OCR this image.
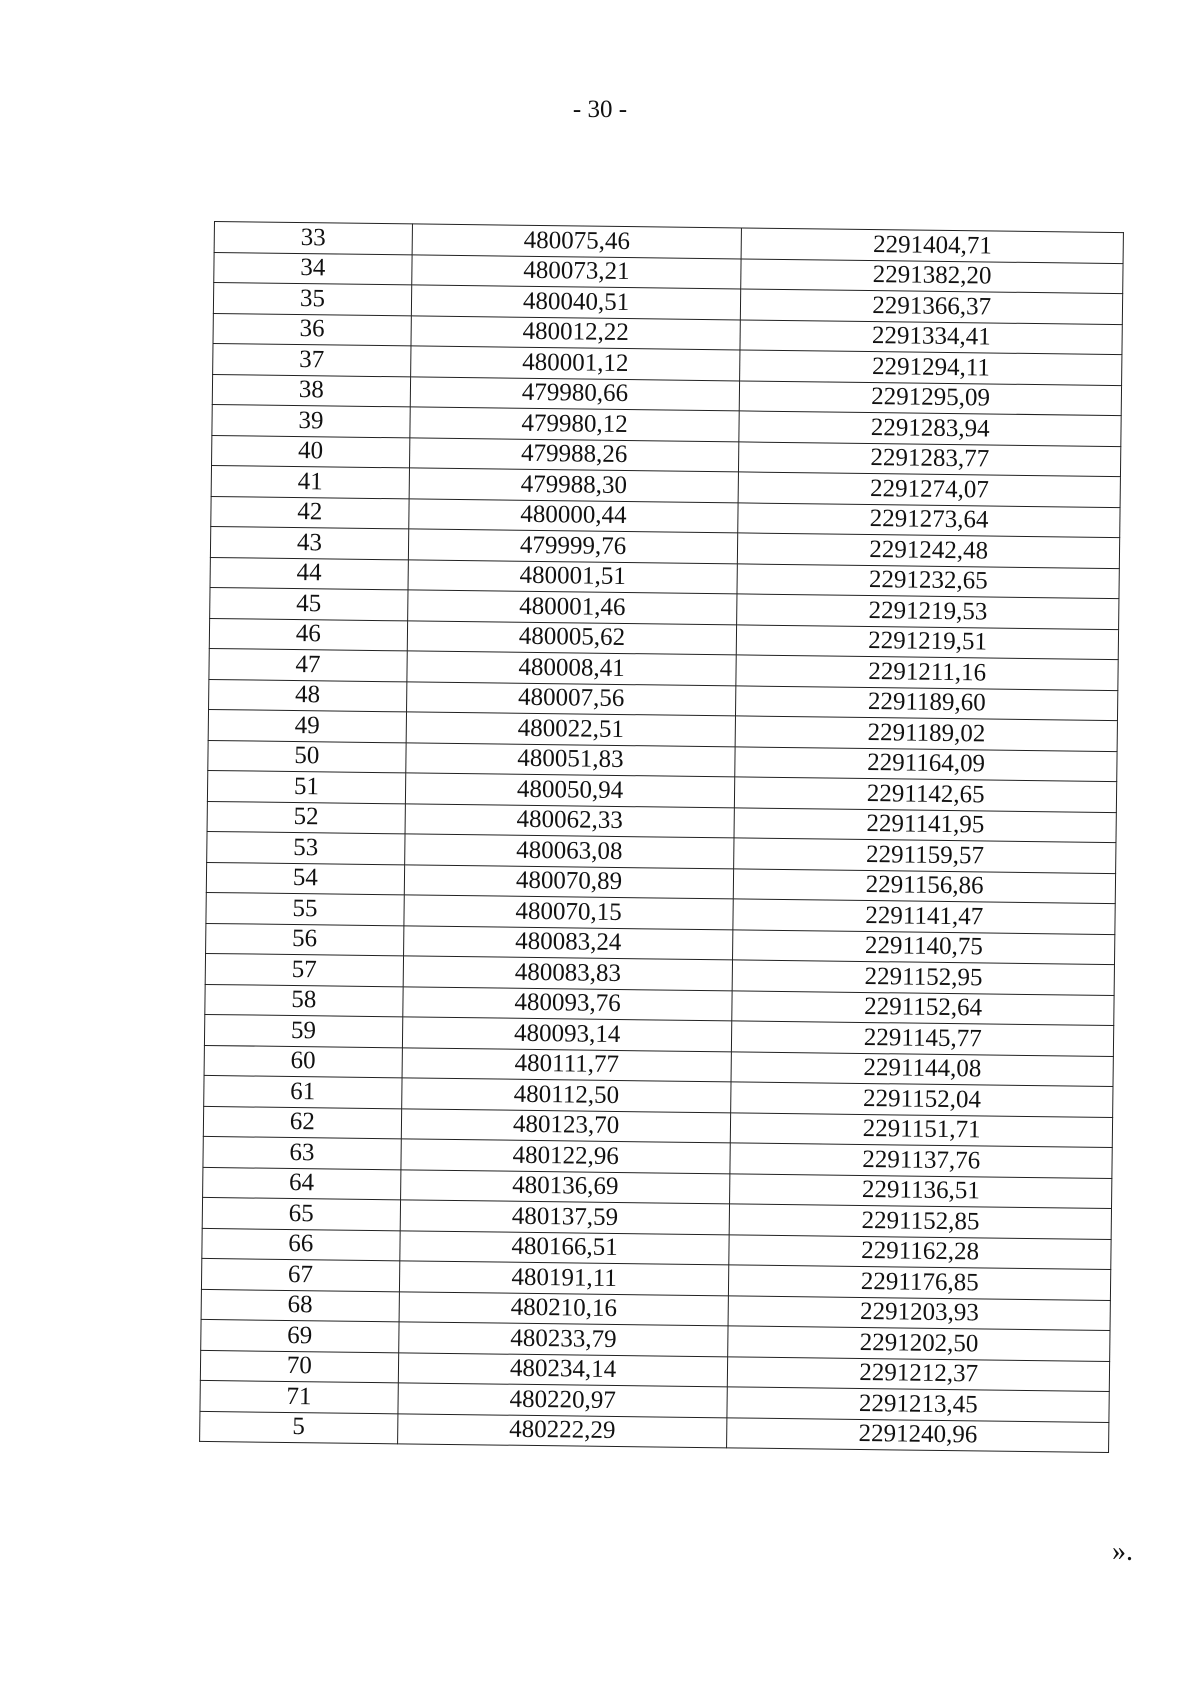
- 30 -
33	480075,46	2291404,71
34	480073,21	2291382,20
35	480040,51	2291366,37
36	480012,22	2291334,41
37	480001,12	2291294,11
38	479980,66	2291295,09
39	479980,12	2291283,94
40	479988,26	2291283,77
41	479988,30	2291274,07
42	480000,44	2291273,64
43	479999,76	2291242,48
44	480001,51	2291232,65
45	480001,46	2291219,53
46	480005,62	2291219,51
47	480008,41	2291211,16
48	480007,56	2291189,60
49	480022,51	2291189,02
50	480051,83	2291164,09
51	480050,94	2291142,65
52	480062,33	2291141,95
53	480063,08	2291159,57
54	480070,89	2291156,86
55	480070,15	2291141,47
56	480083,24	2291140,75
57	480083,83	2291152,95
58	480093,76	2291152,64
59	480093,14	2291145,77
60	480111,77	2291144,08
61	480112,50	2291152,04
62	480123,70	2291151,71
63	480122,96	2291137,76
64	480136,69	2291136,51
65	480137,59	2291152,85
66	480166,51	2291162,28
67	480191,11	2291176,85
68	480210,16	2291203,93
69	480233,79	2291202,50
70	480234,14	2291212,37
71	480220,97	2291213,45
5	480222,29	2291240,96
».
